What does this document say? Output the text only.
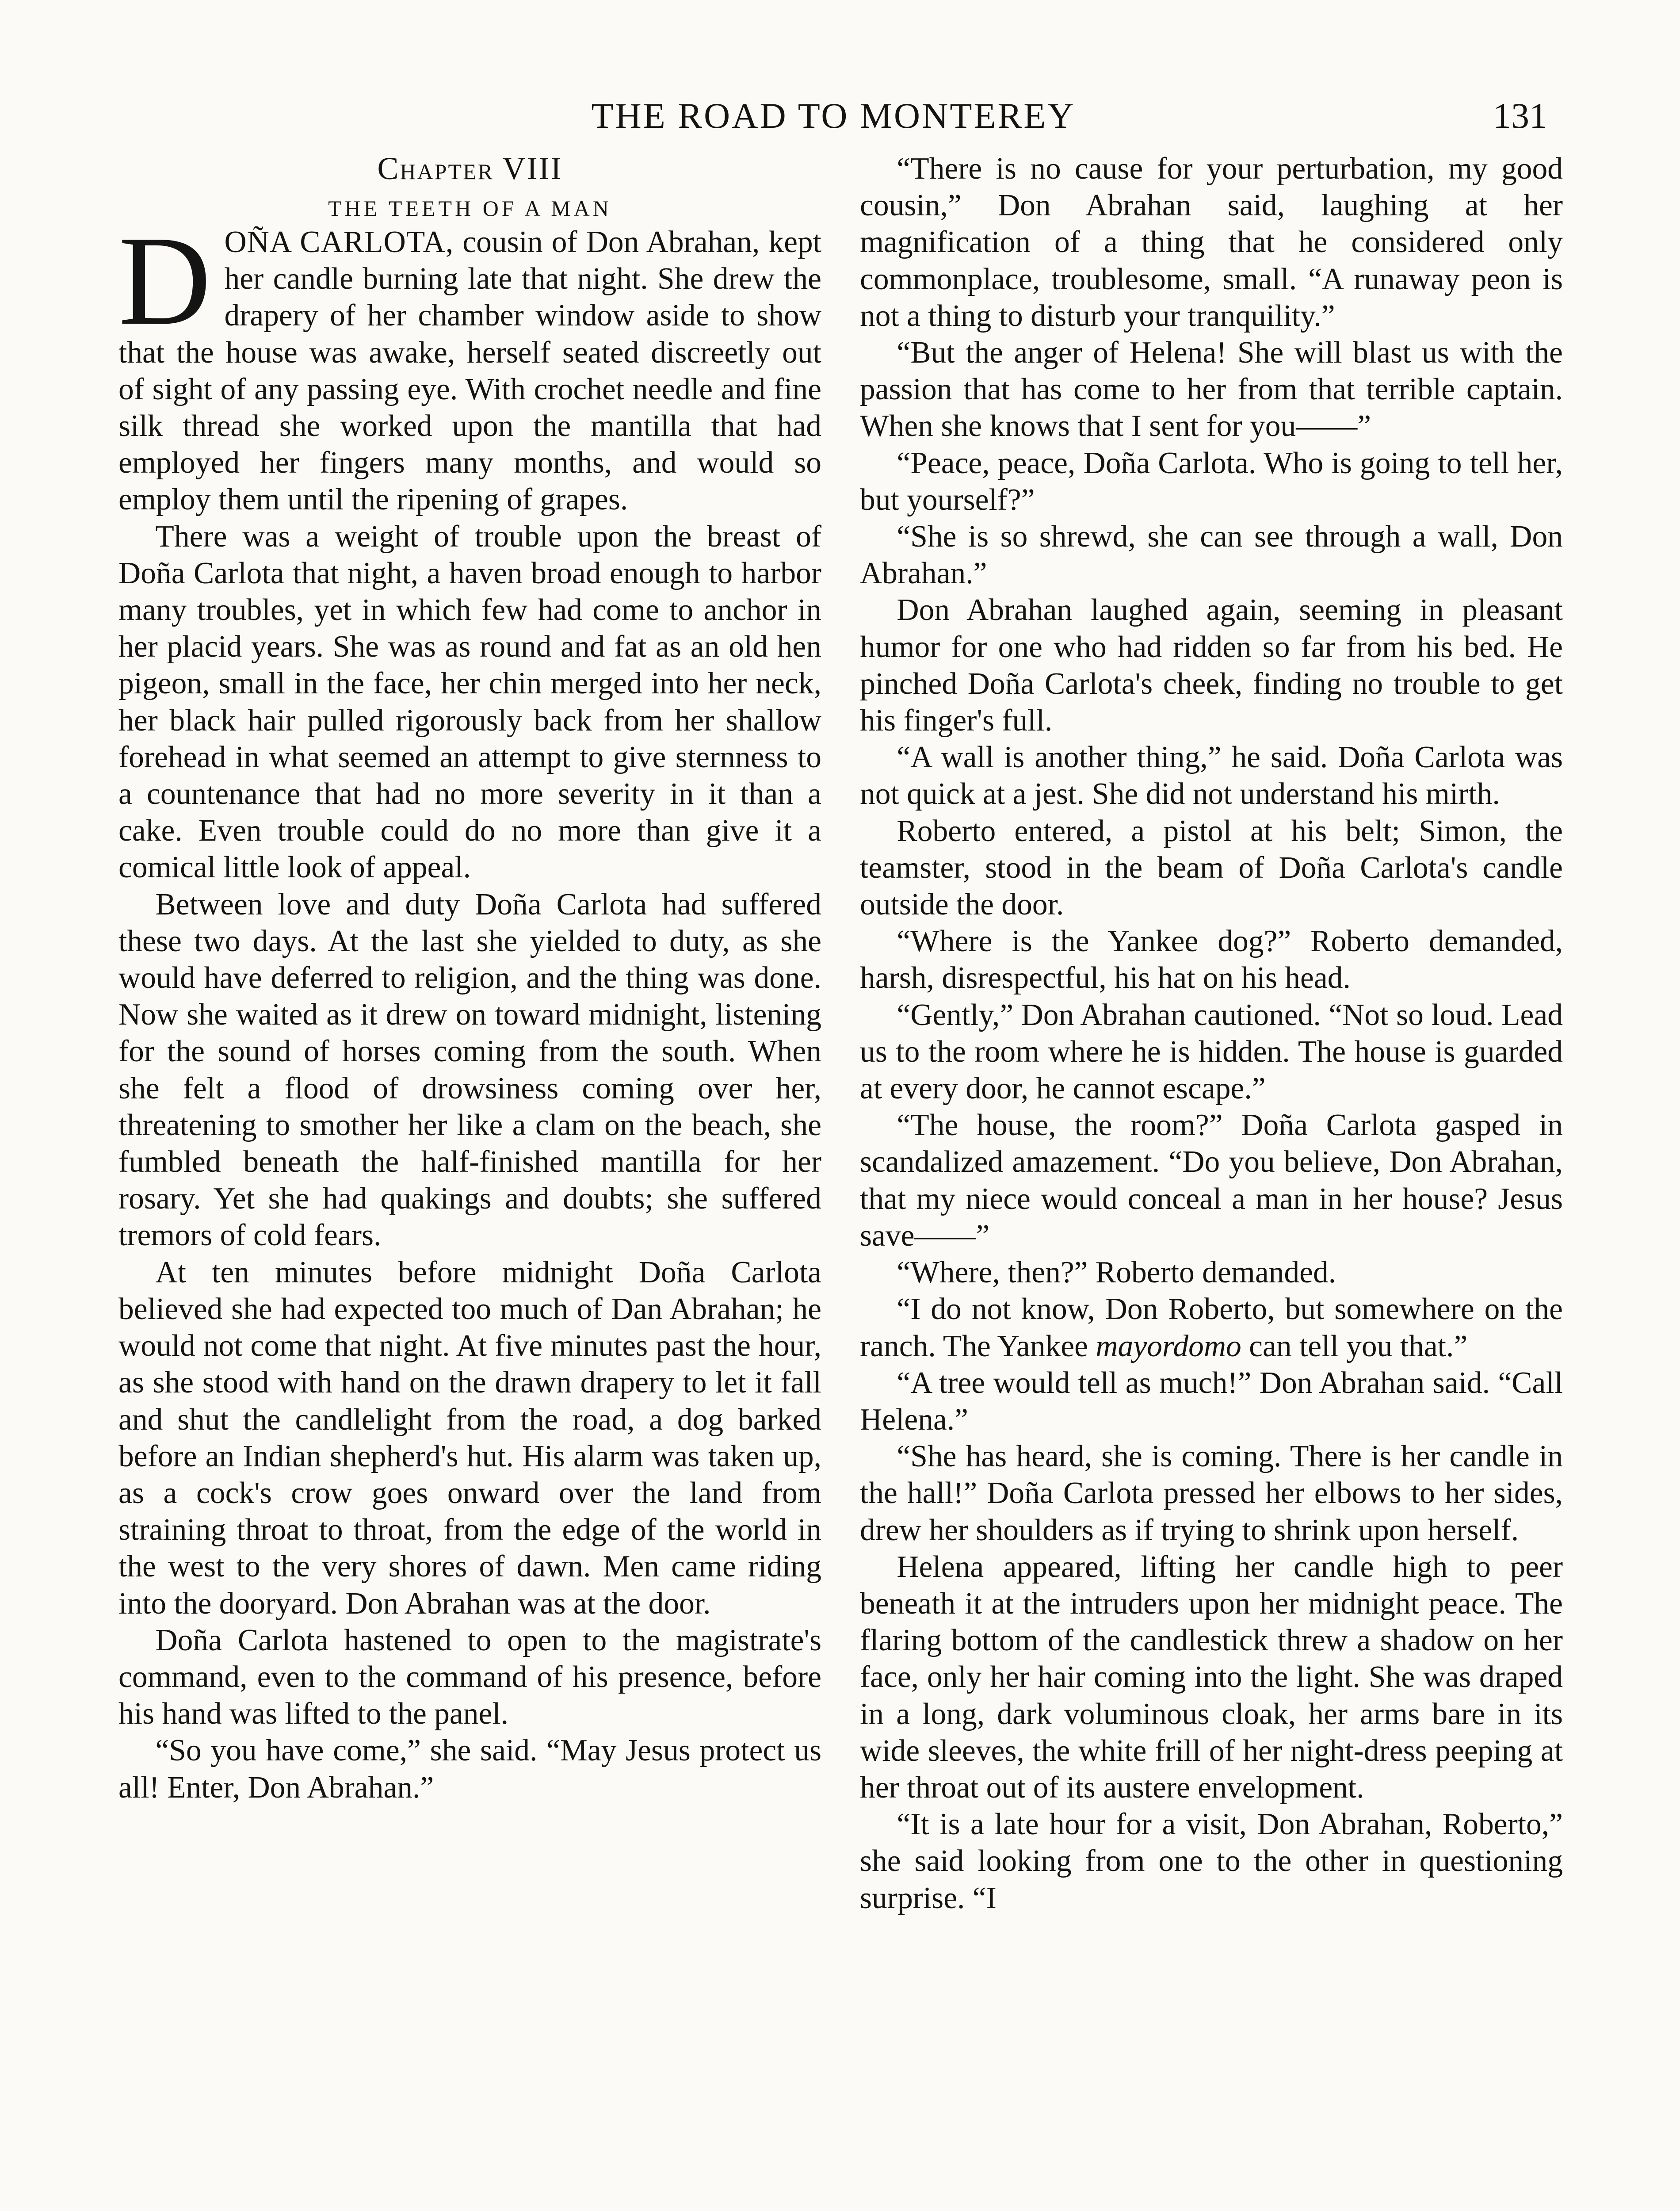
THE ROAD TO MONTEREY	131
Chapter VIII
THE TEETH OF A MAN

DOÑA CARLOTA, cousin of Don Abrahan, kept her candle burning late that night. She drew the drapery of her chamber window aside to show that the house was awake, herself seated discreetly out of sight of any passing eye. With crochet needle and fine silk thread she worked upon the mantilla that had employed her fingers many months, and would so employ them until the ripening of grapes.

There was a weight of trouble upon the breast of Doña Carlota that night, a haven broad enough to harbor many troubles, yet in which few had come to anchor in her placid years. She was as round and fat as an old hen pigeon, small in the face, her chin merged into her neck, her black hair pulled rigorously back from her shallow forehead in what seemed an attempt to give sternness to a countenance that had no more severity in it than a cake. Even trouble could do no more than give it a comical little look of appeal.

Between love and duty Doña Carlota had suffered these two days. At the last she yielded to duty, as she would have deferred to religion, and the thing was done. Now she waited as it drew on toward midnight, listening for the sound of horses coming from the south. When she felt a flood of drowsiness coming over her, threatening to smother her like a clam on the beach, she fumbled beneath the half-finished mantilla for her rosary. Yet she had quakings and doubts; she suffered tremors of cold fears.

At ten minutes before midnight Doña Carlota believed she had expected too much of Dan Abrahan; he would not come that night. At five minutes past the hour, as she stood with hand on the drawn drapery to let it fall and shut the candlelight from the road, a dog barked before an Indian shepherd's hut. His alarm was taken up, as a cock's crow goes onward over the land from straining throat to throat, from the edge of the world in the west to the very shores of dawn. Men came riding into the dooryard. Don Abrahan was at the door.

Doña Carlota hastened to open to the magistrate's command, even to the command of his presence, before his hand was lifted to the panel.

“So you have come,” she said. “May Jesus protect us all! Enter, Don Abrahan.”

“There is no cause for your perturbation, my good cousin,” Don Abrahan said, laughing at her magnification of a thing that he considered only commonplace, troublesome, small. “A runaway peon is not a thing to disturb your tranquility.”

“But the anger of Helena! She will blast us with the passion that has come to her from that terrible captain. When she knows that I sent for you——”

“Peace, peace, Doña Carlota. Who is going to tell her, but yourself?”

“She is so shrewd, she can see through a wall, Don Abrahan.”

Don Abrahan laughed again, seeming in pleasant humor for one who had ridden so far from his bed. He pinched Doña Carlota's cheek, finding no trouble to get his finger's full.

“A wall is another thing,” he said. Doña Carlota was not quick at a jest. She did not understand his mirth.

Roberto entered, a pistol at his belt; Simon, the teamster, stood in the beam of Doña Carlota's candle outside the door.

“Where is the Yankee dog?” Roberto demanded, harsh, disrespectful, his hat on his head.

“Gently,” Don Abrahan cautioned. “Not so loud. Lead us to the room where he is hidden. The house is guarded at every door, he cannot escape.”

“The house, the room?” Doña Carlota gasped in scandalized amazement. “Do you believe, Don Abrahan, that my niece would conceal a man in her house? Jesus save——”

“Where, then?” Roberto demanded.

“I do not know, Don Roberto, but somewhere on the ranch. The Yankee mayordomo can tell you that.”

“A tree would tell as much!” Don Abrahan said. “Call Helena.”

“She has heard, she is coming. There is her candle in the hall!” Doña Carlota pressed her elbows to her sides, drew her shoulders as if trying to shrink upon herself.

Helena appeared, lifting her candle high to peer beneath it at the intruders upon her midnight peace. The flaring bottom of the candlestick threw a shadow on her face, only her hair coming into the light. She was draped in a long, dark voluminous cloak, her arms bare in its wide sleeves, the white frill of her night-dress peeping at her throat out of its austere envelopment.

“It is a late hour for a visit, Don Abrahan, Roberto,” she said looking from one to the other in questioning surprise. “I
